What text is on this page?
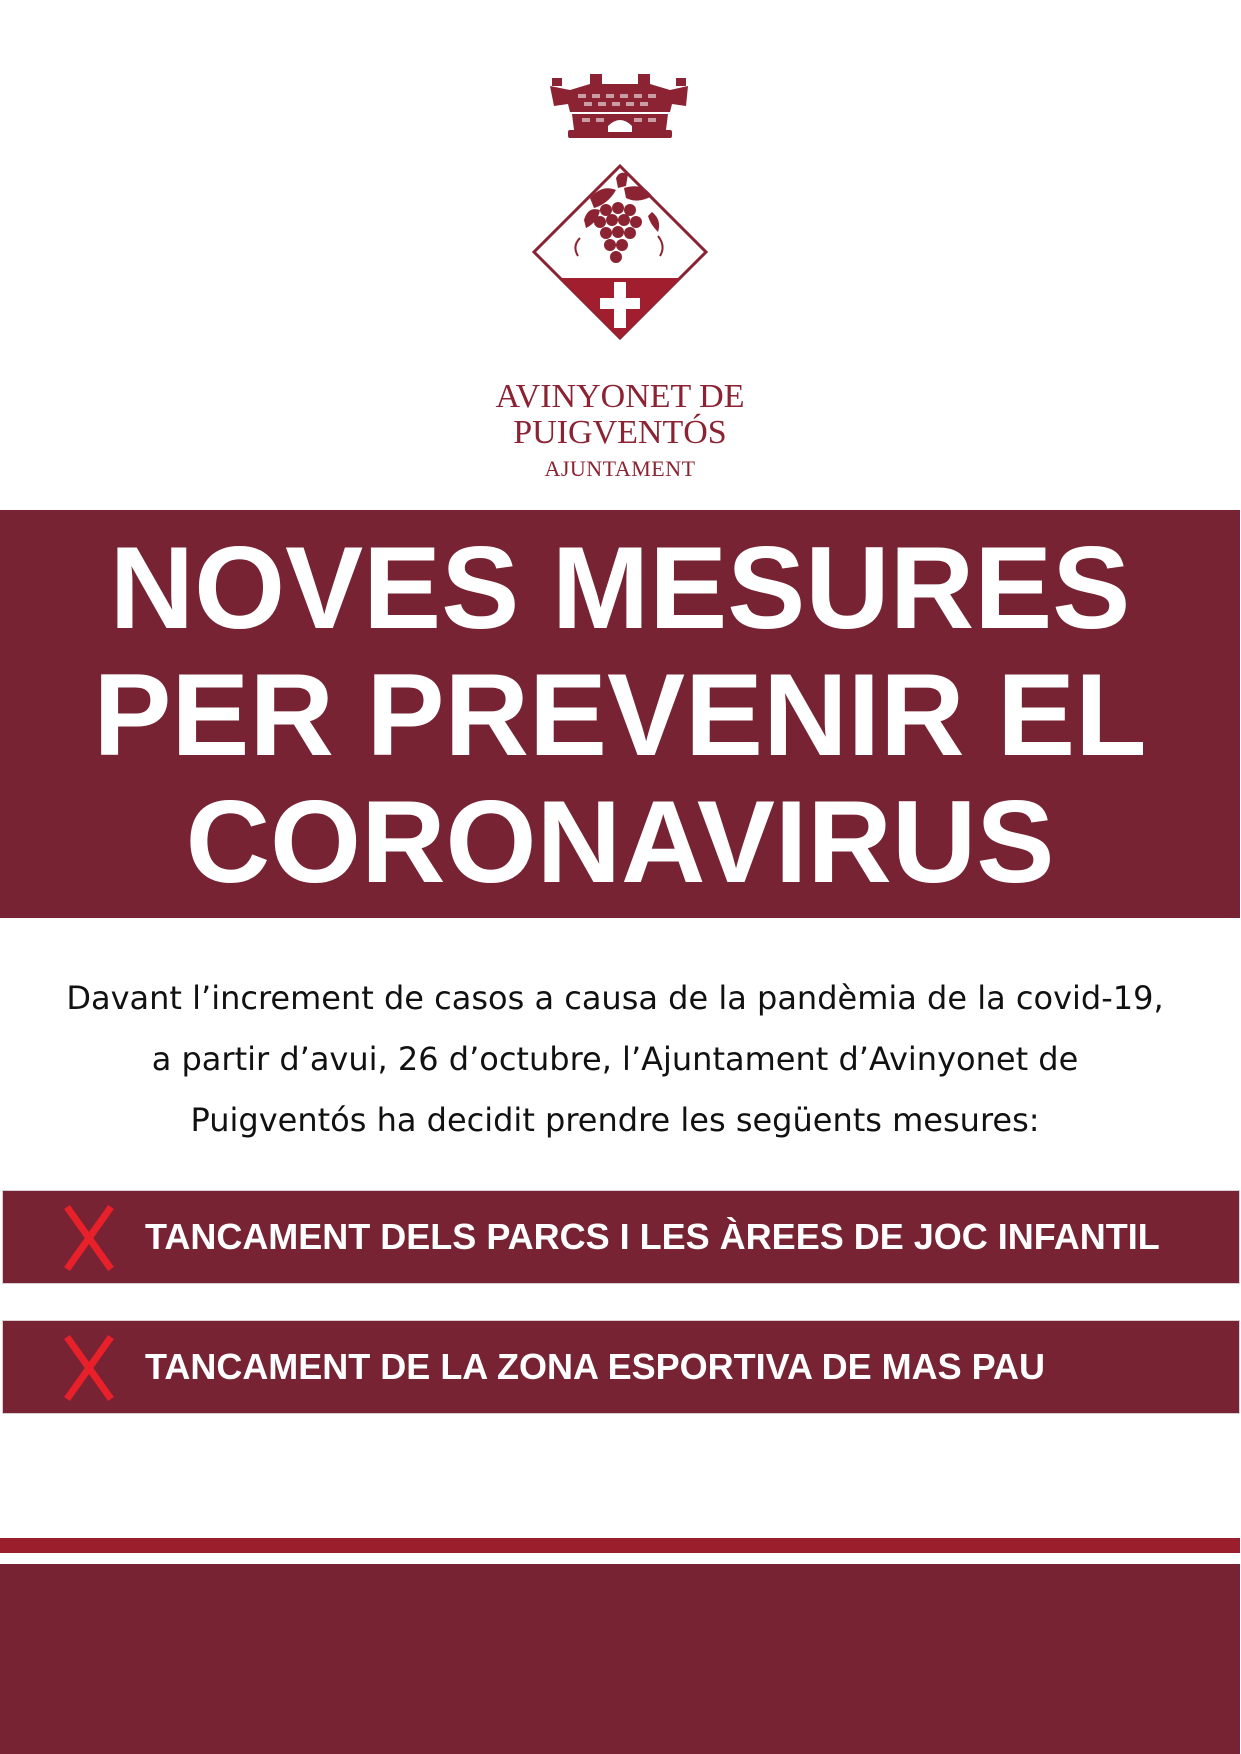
AVINYONET DE
PUIGVENTÓS
AJUNTAMENT
NOVES MESURES
PER PREVENIR EL
CORONAVIRUS
Davant l’increment de casos a causa de la pandèmia de la covid-19, a partir d’avui, 26 d’octubre, l’Ajuntament d’Avinyonet de Puigventós ha decidit prendre les següents mesures:
TANCAMENT DELS PARCS I LES ÀREES DE JOC INFANTIL
TANCAMENT DE LA ZONA ESPORTIVA DE MAS PAU
